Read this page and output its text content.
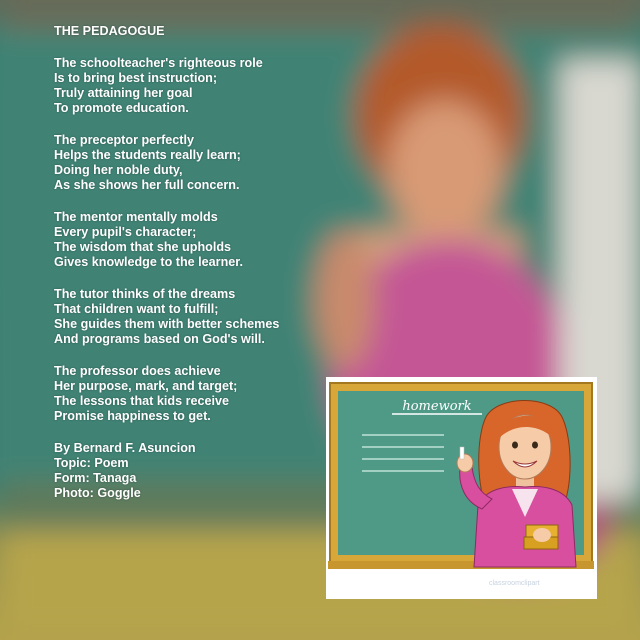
THE PEDAGOGUE
The schoolteacher's righteous role
Is to bring best instruction;
Truly attaining her goal
To promote education.
The preceptor perfectly
Helps the students really learn;
Doing her noble duty,
As she shows her full concern.
The mentor mentally molds
Every pupil's character;
The wisdom that she upholds
Gives knowledge to the learner.
The tutor thinks of the dreams
That children want to fulfill;
She guides them with better schemes
And programs based on God's will.
The professor does achieve
Her purpose, mark, and target;
The lessons that kids receive
Promise happiness to get.
By Bernard F. Asuncion
Topic: Poem
Form: Tanaga
Photo: Goggle
homework
classroomclipart
